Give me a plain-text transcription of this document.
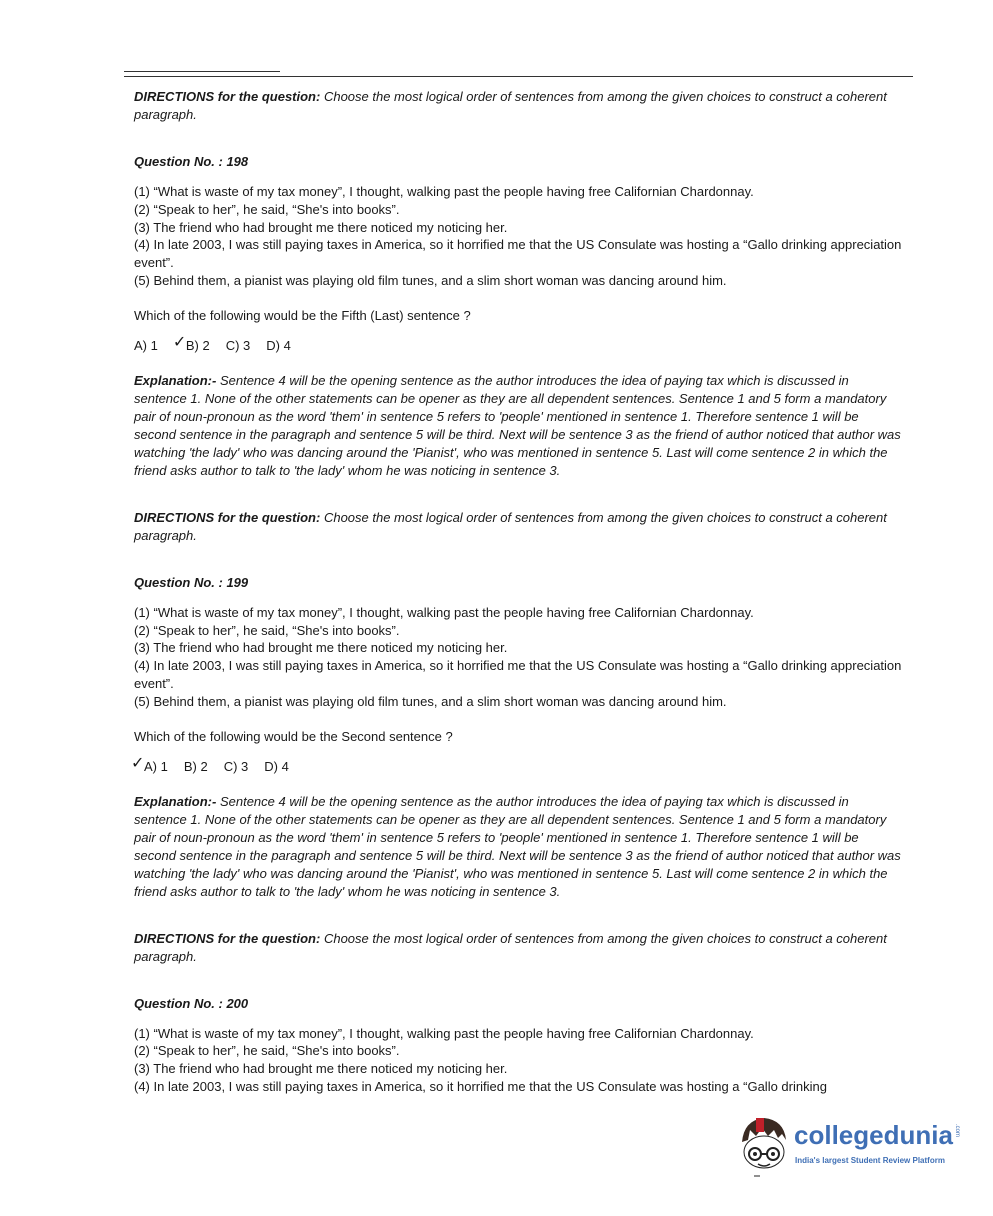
DIRECTIONS for the question: Choose the most logical order of sentences from among the given choices to construct a coherent paragraph.

Question No. : 198

(1) “What is waste of my tax money”, I thought, walking past the people having free Californian Chardonnay.
(2) “Speak to her”, he said, “She's into books”.
(3) The friend who had brought me there noticed my noticing her.
(4) In late 2003, I was still paying taxes in America, so it horrified me that the US Consulate was hosting a “Gallo drinking appreciation event”.
(5) Behind them, a pianist was playing old film tunes, and a slim short woman was dancing around him.

Which of the following would be the Fifth (Last) sentence ?

A) 1 ✓ B) 2 C) 3 D) 4

Explanation:- Sentence 4 will be the opening sentence as the author introduces the idea of paying tax which is discussed in sentence 1. None of the other statements can be opener as they are all dependent sentences. Sentence 1 and 5 form a mandatory pair of noun-pronoun as the word 'them' in sentence 5 refers to 'people' mentioned in sentence 1. Therefore sentence 1 will be second sentence in the paragraph and sentence 5 will be third. Next will be sentence 3 as the friend of author noticed that author was watching 'the lady' who was dancing around the 'Pianist', who was mentioned in sentence 5. Last will come sentence 2 in which the friend asks author to talk to 'the lady' whom he was noticing in sentence 3.

DIRECTIONS for the question: Choose the most logical order of sentences from among the given choices to construct a coherent paragraph.

Question No. : 199

(1) “What is waste of my tax money”, I thought, walking past the people having free Californian Chardonnay.
(2) “Speak to her”, he said, “She's into books”.
(3) The friend who had brought me there noticed my noticing her.
(4) In late 2003, I was still paying taxes in America, so it horrified me that the US Consulate was hosting a “Gallo drinking appreciation event”.
(5) Behind them, a pianist was playing old film tunes, and a slim short woman was dancing around him.

Which of the following would be the Second sentence ?

✓ A) 1 B) 2 C) 3 D) 4

Explanation:- Sentence 4 will be the opening sentence as the author introduces the idea of paying tax which is discussed in sentence 1. None of the other statements can be opener as they are all dependent sentences. Sentence 1 and 5 form a mandatory pair of noun-pronoun as the word 'them' in sentence 5 refers to 'people' mentioned in sentence 1. Therefore sentence 1 will be second sentence in the paragraph and sentence 5 will be third. Next will be sentence 3 as the friend of author noticed that author was watching 'the lady' who was dancing around the 'Pianist', who was mentioned in sentence 5. Last will come sentence 2 in which the friend asks author to talk to 'the lady' whom he was noticing in sentence 3.

DIRECTIONS for the question: Choose the most logical order of sentences from among the given choices to construct a coherent paragraph.

Question No. : 200

(1) “What is waste of my tax money”, I thought, walking past the people having free Californian Chardonnay.
(2) “Speak to her”, he said, “She's into books”.
(3) The friend who had brought me there noticed my noticing her.
(4) In late 2003, I was still paying taxes in America, so it horrified me that the US Consulate was hosting a “Gallo drinking
collegedunia .com
India's largest Student Review Platform
